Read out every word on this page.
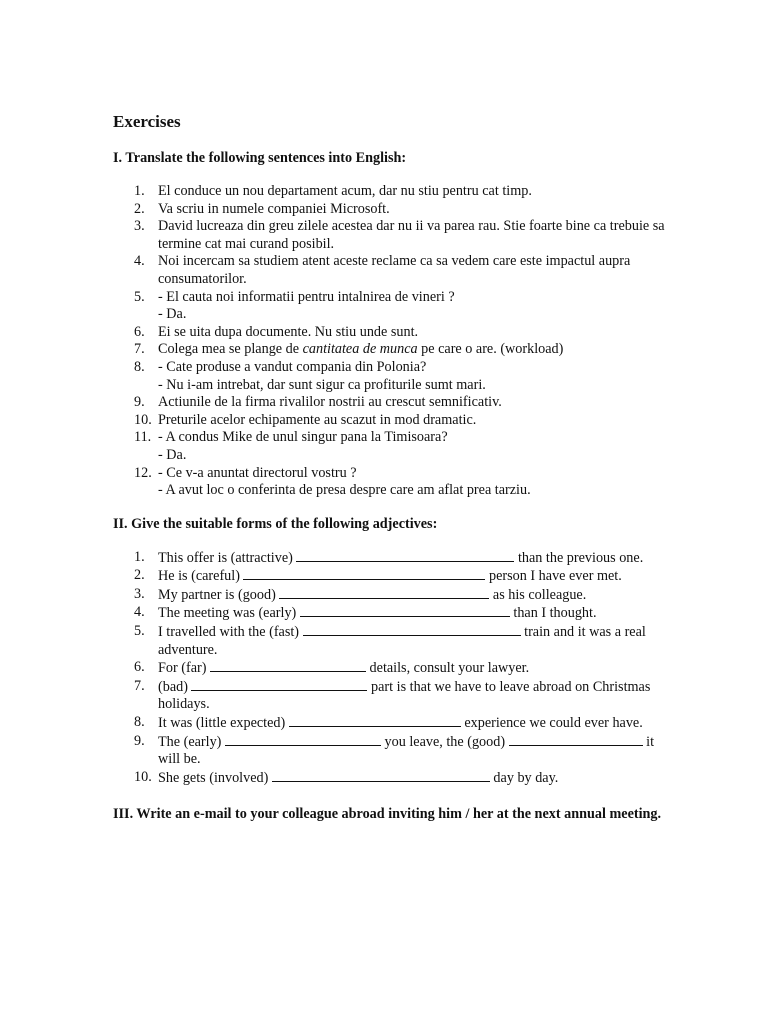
Exercises
I. Translate the following sentences into English:
1. El conduce un nou departament acum, dar nu stiu pentru cat timp.
2. Va scriu in numele companiei Microsoft.
3. David lucreaza din greu zilele acestea dar nu ii va parea rau. Stie foarte bine ca trebuie sa termine cat mai curand posibil.
4. Noi incercam sa studiem atent aceste reclame ca sa vedem care este impactul aupra consumatorilor.
5. - El cauta noi informatii pentru intalnirea de vineri ?
- Da.
6. Ei se uita dupa documente. Nu stiu unde sunt.
7. Colega mea se plange de cantitatea de munca pe care o are. (workload)
8. - Cate produse a vandut compania din Polonia?
- Nu i-am intrebat, dar sunt sigur ca profiturile sumt mari.
9. Actiunile de la firma rivalilor nostrii au crescut semnificativ.
10. Preturile acelor echipamente au scazut in mod dramatic.
11. - A condus Mike de unul singur pana la Timisoara?
- Da.
12. - Ce v-a anuntat directorul vostru ?
- A avut loc o conferinta de presa despre care am aflat prea tarziu.
II. Give the suitable forms of the following adjectives:
1. This offer is (attractive)	than the previous one.
2. He is (careful)	person I have ever met.
3. My partner is (good)	as his colleague.
4. The meeting was (early)	than I thought.
5. I travelled with the (fast)	train and it was a real adventure.
6. For (far)	details, consult your lawyer.
7. (bad)	part is that we have to leave abroad on Christmas holidays.
8. It was (little expected)	experience we could ever have.
9. The (early)	you leave, the (good)	it will be.
10. She gets (involved)	day by day.
III. Write an e-mail to your colleague abroad inviting him / her at the next annual meeting.
